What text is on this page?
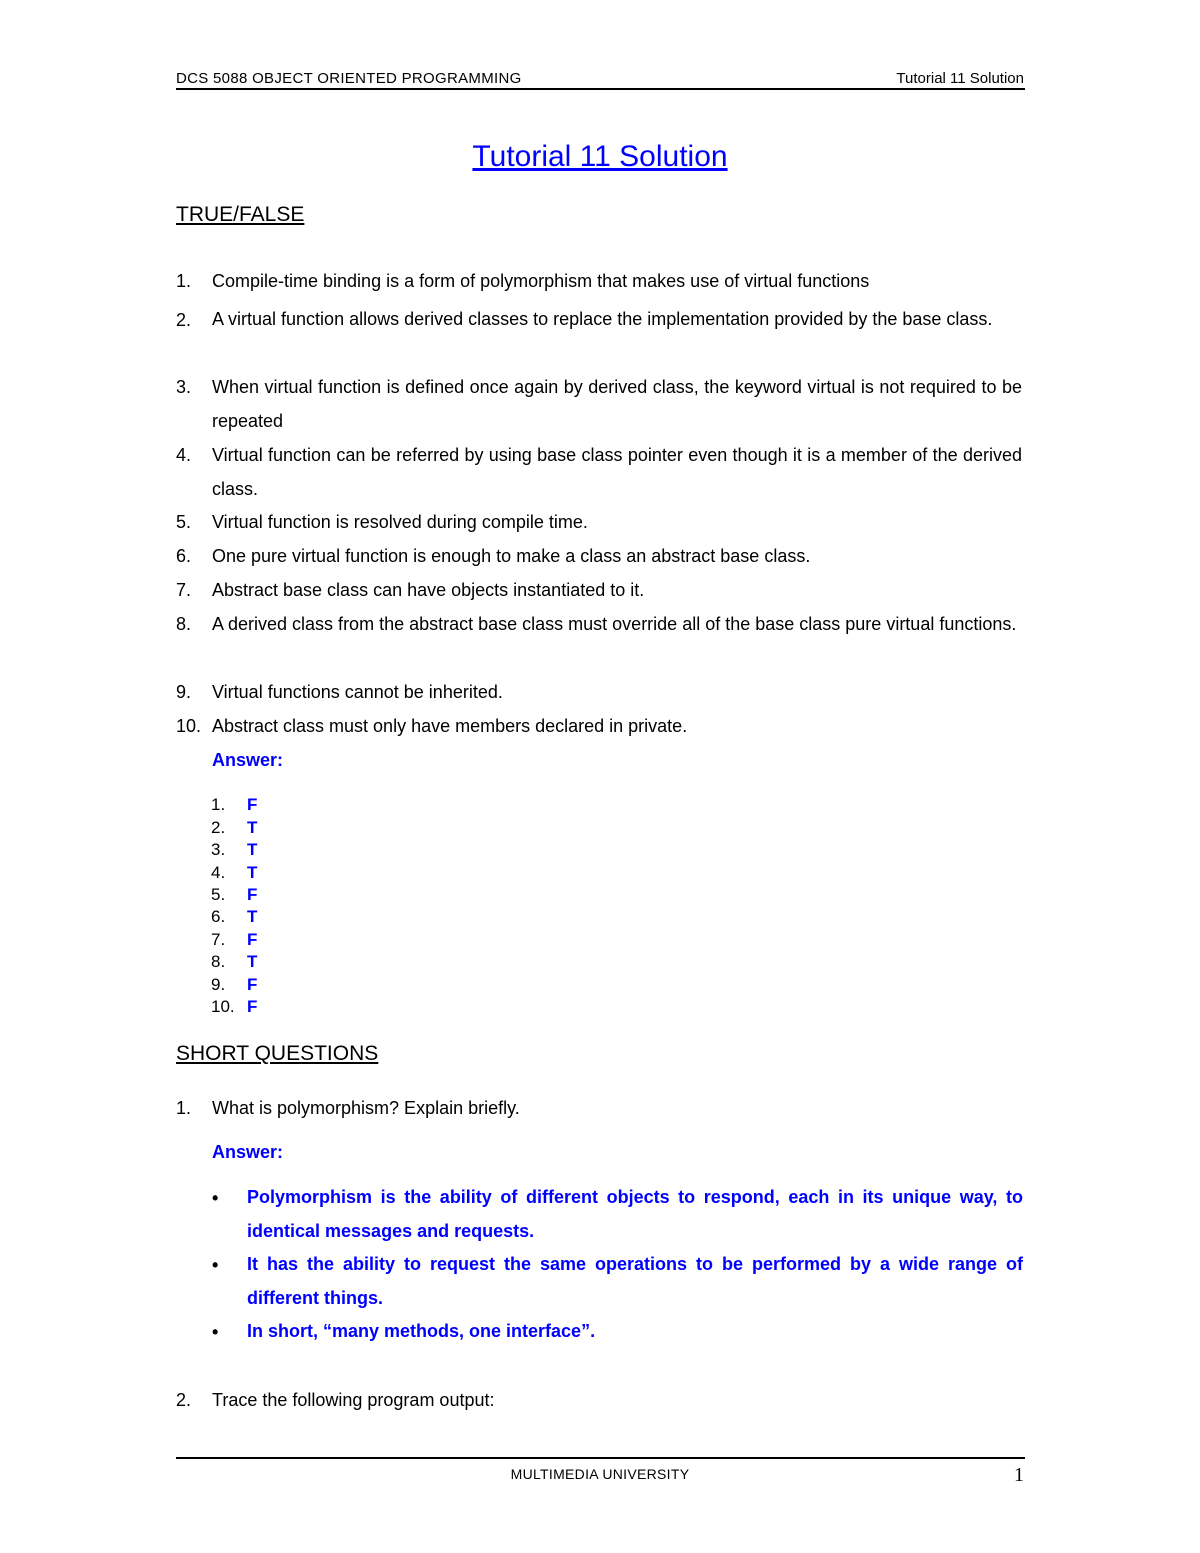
DCS 5088 OBJECT ORIENTED PROGRAMMING	Tutorial 11 Solution
Tutorial 11 Solution
TRUE/FALSE
1. Compile-time binding is a form of polymorphism that makes use of virtual functions
2. A virtual function allows derived classes to replace the implementation provided by the base class.
3. When virtual function is defined once again by derived class, the keyword virtual is not required to be repeated
4. Virtual function can be referred by using base class pointer even though it is a member of the derived class.
5. Virtual function is resolved during compile time.
6. One pure virtual function is enough to make a class an abstract base class.
7. Abstract base class can have objects instantiated to it.
8. A derived class from the abstract base class must override all of the base class pure virtual functions.
9. Virtual functions cannot be inherited.
10. Abstract class must only have members declared in private.
Answer:
1. F
2. T
3. T
4. T
5. F
6. T
7. F
8. T
9. F
10. F
SHORT QUESTIONS
1. What is polymorphism? Explain briefly.
Answer:
• Polymorphism is the ability of different objects to respond, each in its unique way, to identical messages and requests.
• It has the ability to request the same operations to be performed by a wide range of different things.
• In short, “many methods, one interface”.
2. Trace the following program output:
MULTIMEDIA UNIVERSITY	1
